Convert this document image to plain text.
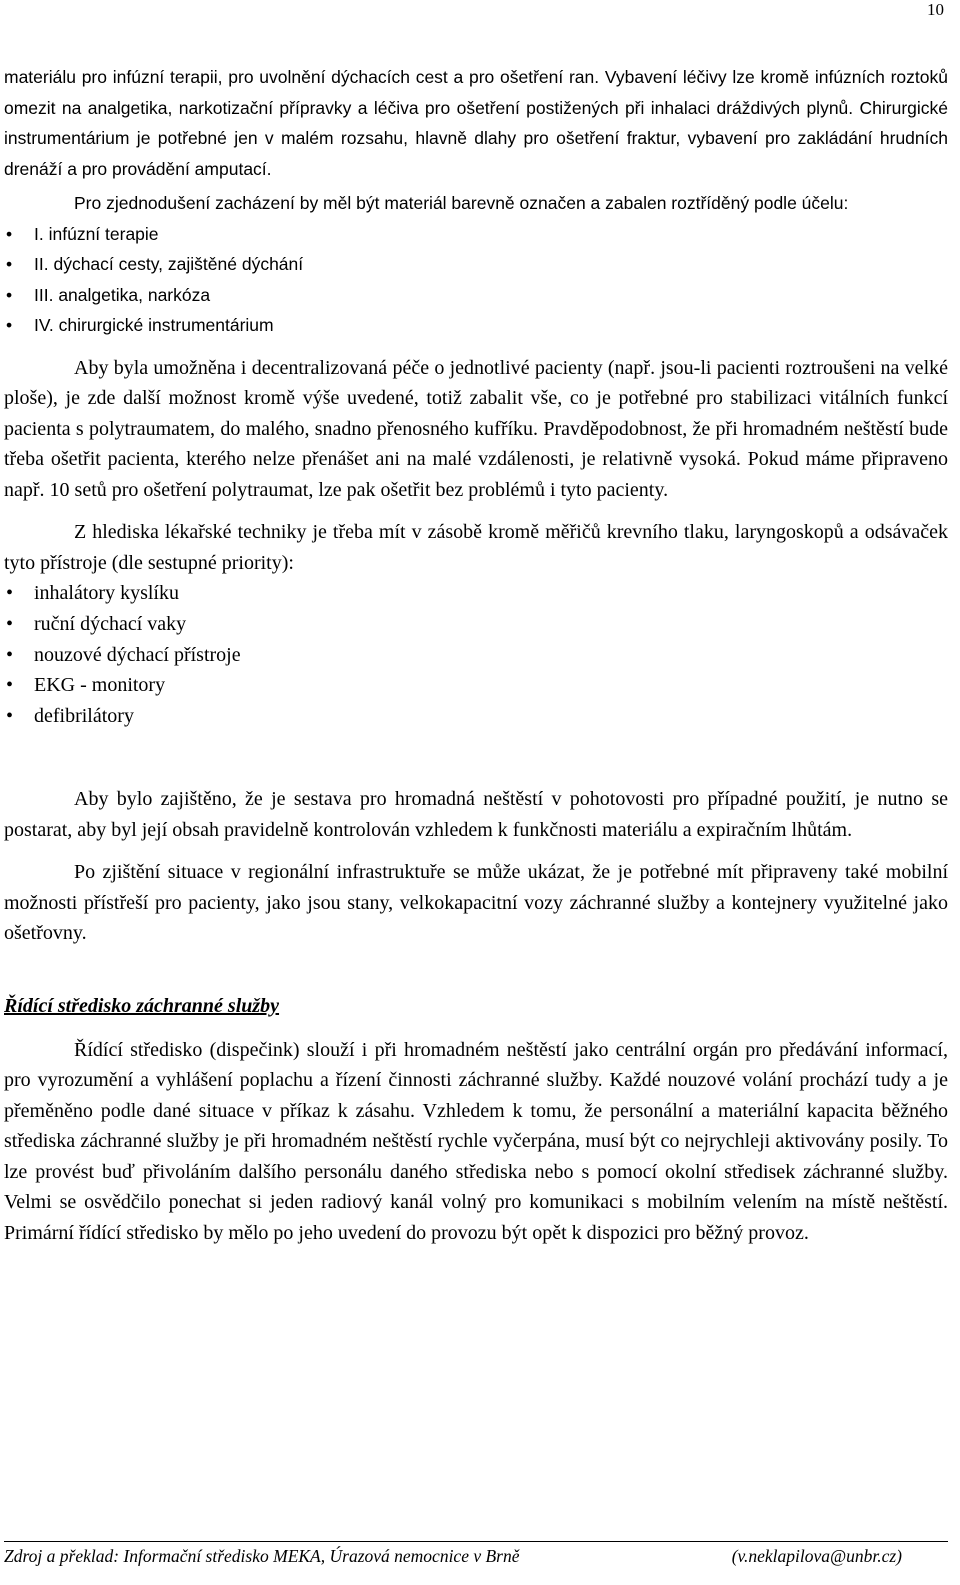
10

materiálu pro infúzní terapii, pro uvolnění dýchacích cest a pro ošetření ran. Vybavení léčivy lze kromě infúzních roztoků omezit na analgetika, narkotizační přípravky a léčiva pro ošetření postižených při inhalaci dráždivých plynů. Chirurgické instrumentárium je potřebné jen v malém rozsahu, hlavně dlahy pro ošetření fraktur, vybavení pro zakládání hrudních drenáží a pro provádění amputací.

Pro zjednodušení zacházení by měl být materiál barevně označen a zabalen roztříděný podle účelu:

• I. infúzní terapie
• II. dýchací cesty, zajištěné dýchání
• III. analgetika, narkóza
• IV. chirurgické instrumentárium

Aby byla umožněna i decentralizovaná péče o jednotlivé pacienty (např. jsou-li pacienti roztroušeni na velké ploše), je zde další možnost kromě výše uvedené, totiž zabalit vše, co je potřebné pro stabilizaci vitálních funkcí pacienta s polytraumatem, do malého, snadno přenosného kufříku. Pravděpodobnost, že při hromadném neštěstí bude třeba ošetřit pacienta, kterého nelze přenášet ani na malé vzdálenosti, je relativně vysoká. Pokud máme připraveno např. 10 setů pro ošetření polytraumat, lze pak ošetřit bez problémů i tyto pacienty.

Z hlediska lékařské techniky je třeba mít v zásobě kromě měřičů krevního tlaku, laryngoskopů a odsávaček tyto přístroje (dle sestupné priority):

• inhalátory kyslíku
• ruční dýchací vaky
• nouzové dýchací přístroje
• EKG - monitory
• defibrilátory

Aby bylo zajištěno, že je sestava pro hromadná neštěstí v pohotovosti pro případné použití, je nutno se postarat, aby byl její obsah pravidelně kontrolován vzhledem k funkčnosti materiálu a expiračním lhůtám.

Po zjištění situace v regionální infrastruktuře se může ukázat, že je potřebné mít připraveny také mobilní možnosti přístřeší pro pacienty, jako jsou stany, velkokapacitní vozy záchranné služby a kontejnery využitelné jako ošetřovny.

Řídící středisko záchranné služby

Řídící středisko (dispečink) slouží i při hromadném neštěstí jako centrální orgán pro předávání informací, pro vyrozumění a vyhlášení poplachu a řízení činnosti záchranné služby. Každé nouzové volání prochází tudy a je přeměněno podle dané situace v příkaz k zásahu. Vzhledem k tomu, že personální a materiální kapacita běžného střediska záchranné služby je při hromadném neštěstí rychle vyčerpána, musí být co nejrychleji aktivovány posily. To lze provést buď přivoláním dalšího personálu daného střediska nebo s pomocí okolní středisek záchranné služby. Velmi se osvědčilo ponechat si jeden radiový kanál volný pro komunikaci s mobilním velením na místě neštěstí. Primární řídící středisko by mělo po jeho uvedení do provozu být opět k dispozici pro běžný provoz.

Zdroj a překlad: Informační středisko MEKA, Úrazová nemocnice v Brně	(v.neklapilova@unbr.cz)
